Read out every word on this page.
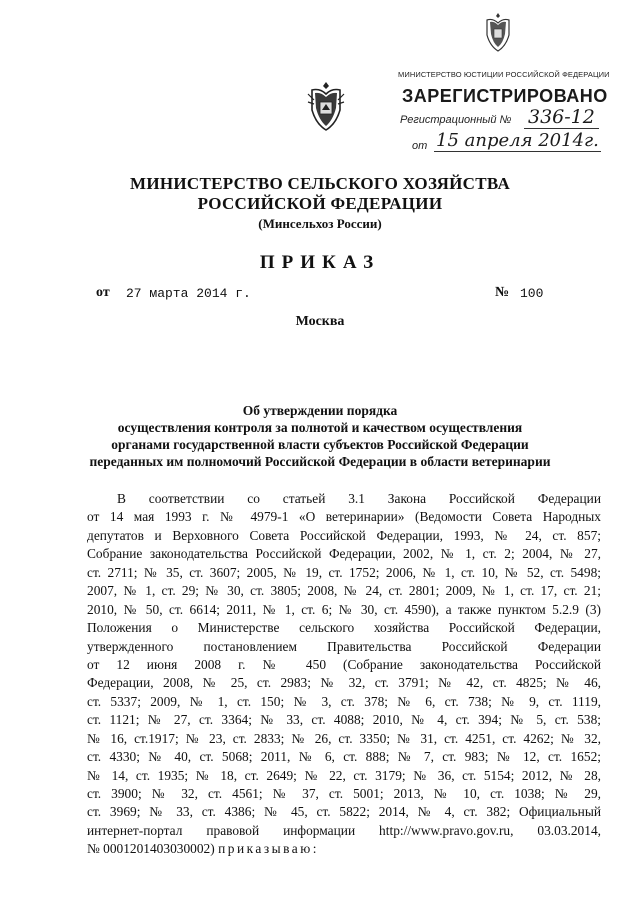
МИНИСТЕРСТВО ЮСТИЦИИ РОССИЙСКОЙ ФЕДЕРАЦИИ
ЗАРЕГИСТРИРОВАНО
Регистрационный № 336-12
от 15 апреля 2014г.
МИНИСТЕРСТВО СЕЛЬСКОГО ХОЗЯЙСТВА
РОССИЙСКОЙ ФЕДЕРАЦИИ
(Минсельхоз России)
ПРИКАЗ
от 27 марта 2014 г.	№ 100
Москва
Об утверждении порядка
осуществления контроля за полнотой и качеством осуществления
органами государственной власти субъектов Российской Федерации
переданных им полномочий Российской Федерации в области ветеринарии
В соответствии со статьей 3.1 Закона Российской Федерации
от 14 мая 1993 г. № 4979-1 «О ветеринарии» (Ведомости Совета Народных
депутатов и Верховного Совета Российской Федерации, 1993, № 24, ст. 857;
Собрание законодательства Российской Федерации, 2002, № 1, ст. 2; 2004, № 27,
ст. 2711; № 35, ст. 3607; 2005, № 19, ст. 1752; 2006, № 1, ст. 10, № 52, ст. 5498;
2007, № 1, ст. 29; № 30, ст. 3805; 2008, № 24, ст. 2801; 2009, № 1, ст. 17, ст. 21;
2010, № 50, ст. 6614; 2011, № 1, ст. 6; № 30, ст. 4590), а также пунктом 5.2.9 (3)
Положения о Министерстве сельского хозяйства Российской Федерации,
утвержденного постановлением Правительства Российской Федерации
от 12 июня 2008 г. № 450 (Собрание законодательства Российской
Федерации, 2008, № 25, ст. 2983; № 32, ст. 3791; № 42, ст. 4825; № 46,
ст. 5337; 2009, № 1, ст. 150; № 3, ст. 378; № 6, ст. 738; № 9, ст. 1119,
ст. 1121; № 27, ст. 3364; № 33, ст. 4088; 2010, № 4, ст. 394; № 5, ст. 538;
№ 16, ст.1917; № 23, ст. 2833; № 26, ст. 3350; № 31, ст. 4251, ст. 4262; № 32,
ст. 4330; № 40, ст. 5068; 2011, № 6, ст. 888; № 7, ст. 983; № 12, ст. 1652;
№ 14, ст. 1935; № 18, ст. 2649; № 22, ст. 3179; № 36, ст. 5154; 2012, № 28,
ст. 3900; № 32, ст. 4561; № 37, ст. 5001; 2013, № 10, ст. 1038; № 29,
ст. 3969; № 33, ст. 4386; № 45, ст. 5822; 2014, № 4, ст. 382; Официальный
интернет-портал правовой информации http://www.pravo.gov.ru, 03.03.2014,
№ 0001201403030002) приказываю:
